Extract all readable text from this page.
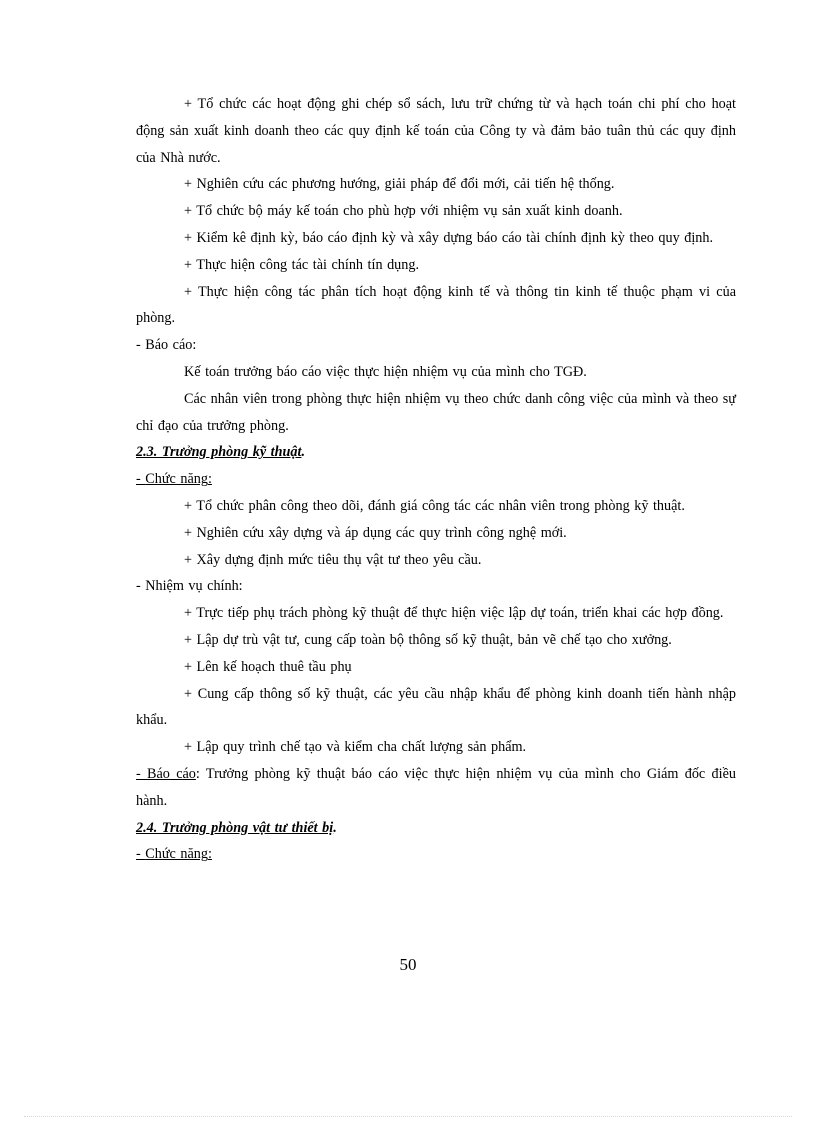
+ Tổ chức các hoạt động ghi chép sổ sách, lưu trữ chứng từ và hạch toán chi phí cho hoạt động sản xuất kinh doanh theo các quy định kế toán của Công ty và đảm bảo tuân thủ các quy định của Nhà nước.

+ Nghiên cứu các phương hướng, giải pháp để đổi mới, cải tiến hệ thống.

+ Tổ chức bộ máy kế toán cho phù hợp với nhiệm vụ sản xuất kinh doanh.

+ Kiểm kê định kỳ, báo cáo định kỳ và xây dựng báo cáo tài chính định kỳ theo quy định.

+ Thực hiện công tác tài chính tín dụng.

+ Thực hiện công tác phân tích hoạt động kinh tế và thông tin kinh tế thuộc phạm vi của phòng.

- Báo cáo:

Kế toán trưởng báo cáo việc thực hiện nhiệm vụ của mình cho TGĐ.

Các nhân viên trong phòng thực hiện nhiệm vụ theo chức danh công việc của mình và theo sự chỉ đạo của trưởng phòng.

2.3. Trưởng phòng kỹ thuật.

- Chức năng:

+ Tổ chức phân công theo dõi, đánh giá công tác các nhân viên trong phòng kỹ thuật.

+ Nghiên cứu xây dựng và áp dụng các quy trình công nghệ mới.

+ Xây dựng định mức tiêu thụ vật tư theo yêu cầu.

- Nhiệm vụ chính:

+ Trực tiếp phụ trách phòng kỹ thuật để thực hiện việc lập dự toán, triển khai các hợp đồng.

+ Lập dự trù vật tư, cung cấp toàn bộ thông số kỹ thuật, bản vẽ chế tạo cho xưởng.

+ Lên kế hoạch thuê tầu phụ

+ Cung cấp thông số kỹ thuật, các yêu cầu nhập khẩu để phòng kinh doanh tiến hành nhập khẩu.

+ Lập quy trình chế tạo và kiểm cha chất lượng sản phẩm.

- Báo cáo: Trưởng phòng kỹ thuật báo cáo việc thực hiện nhiệm vụ của mình cho Giám đốc điều hành.

2.4. Trưởng phòng vật tư thiết bị.

- Chức năng:

50
